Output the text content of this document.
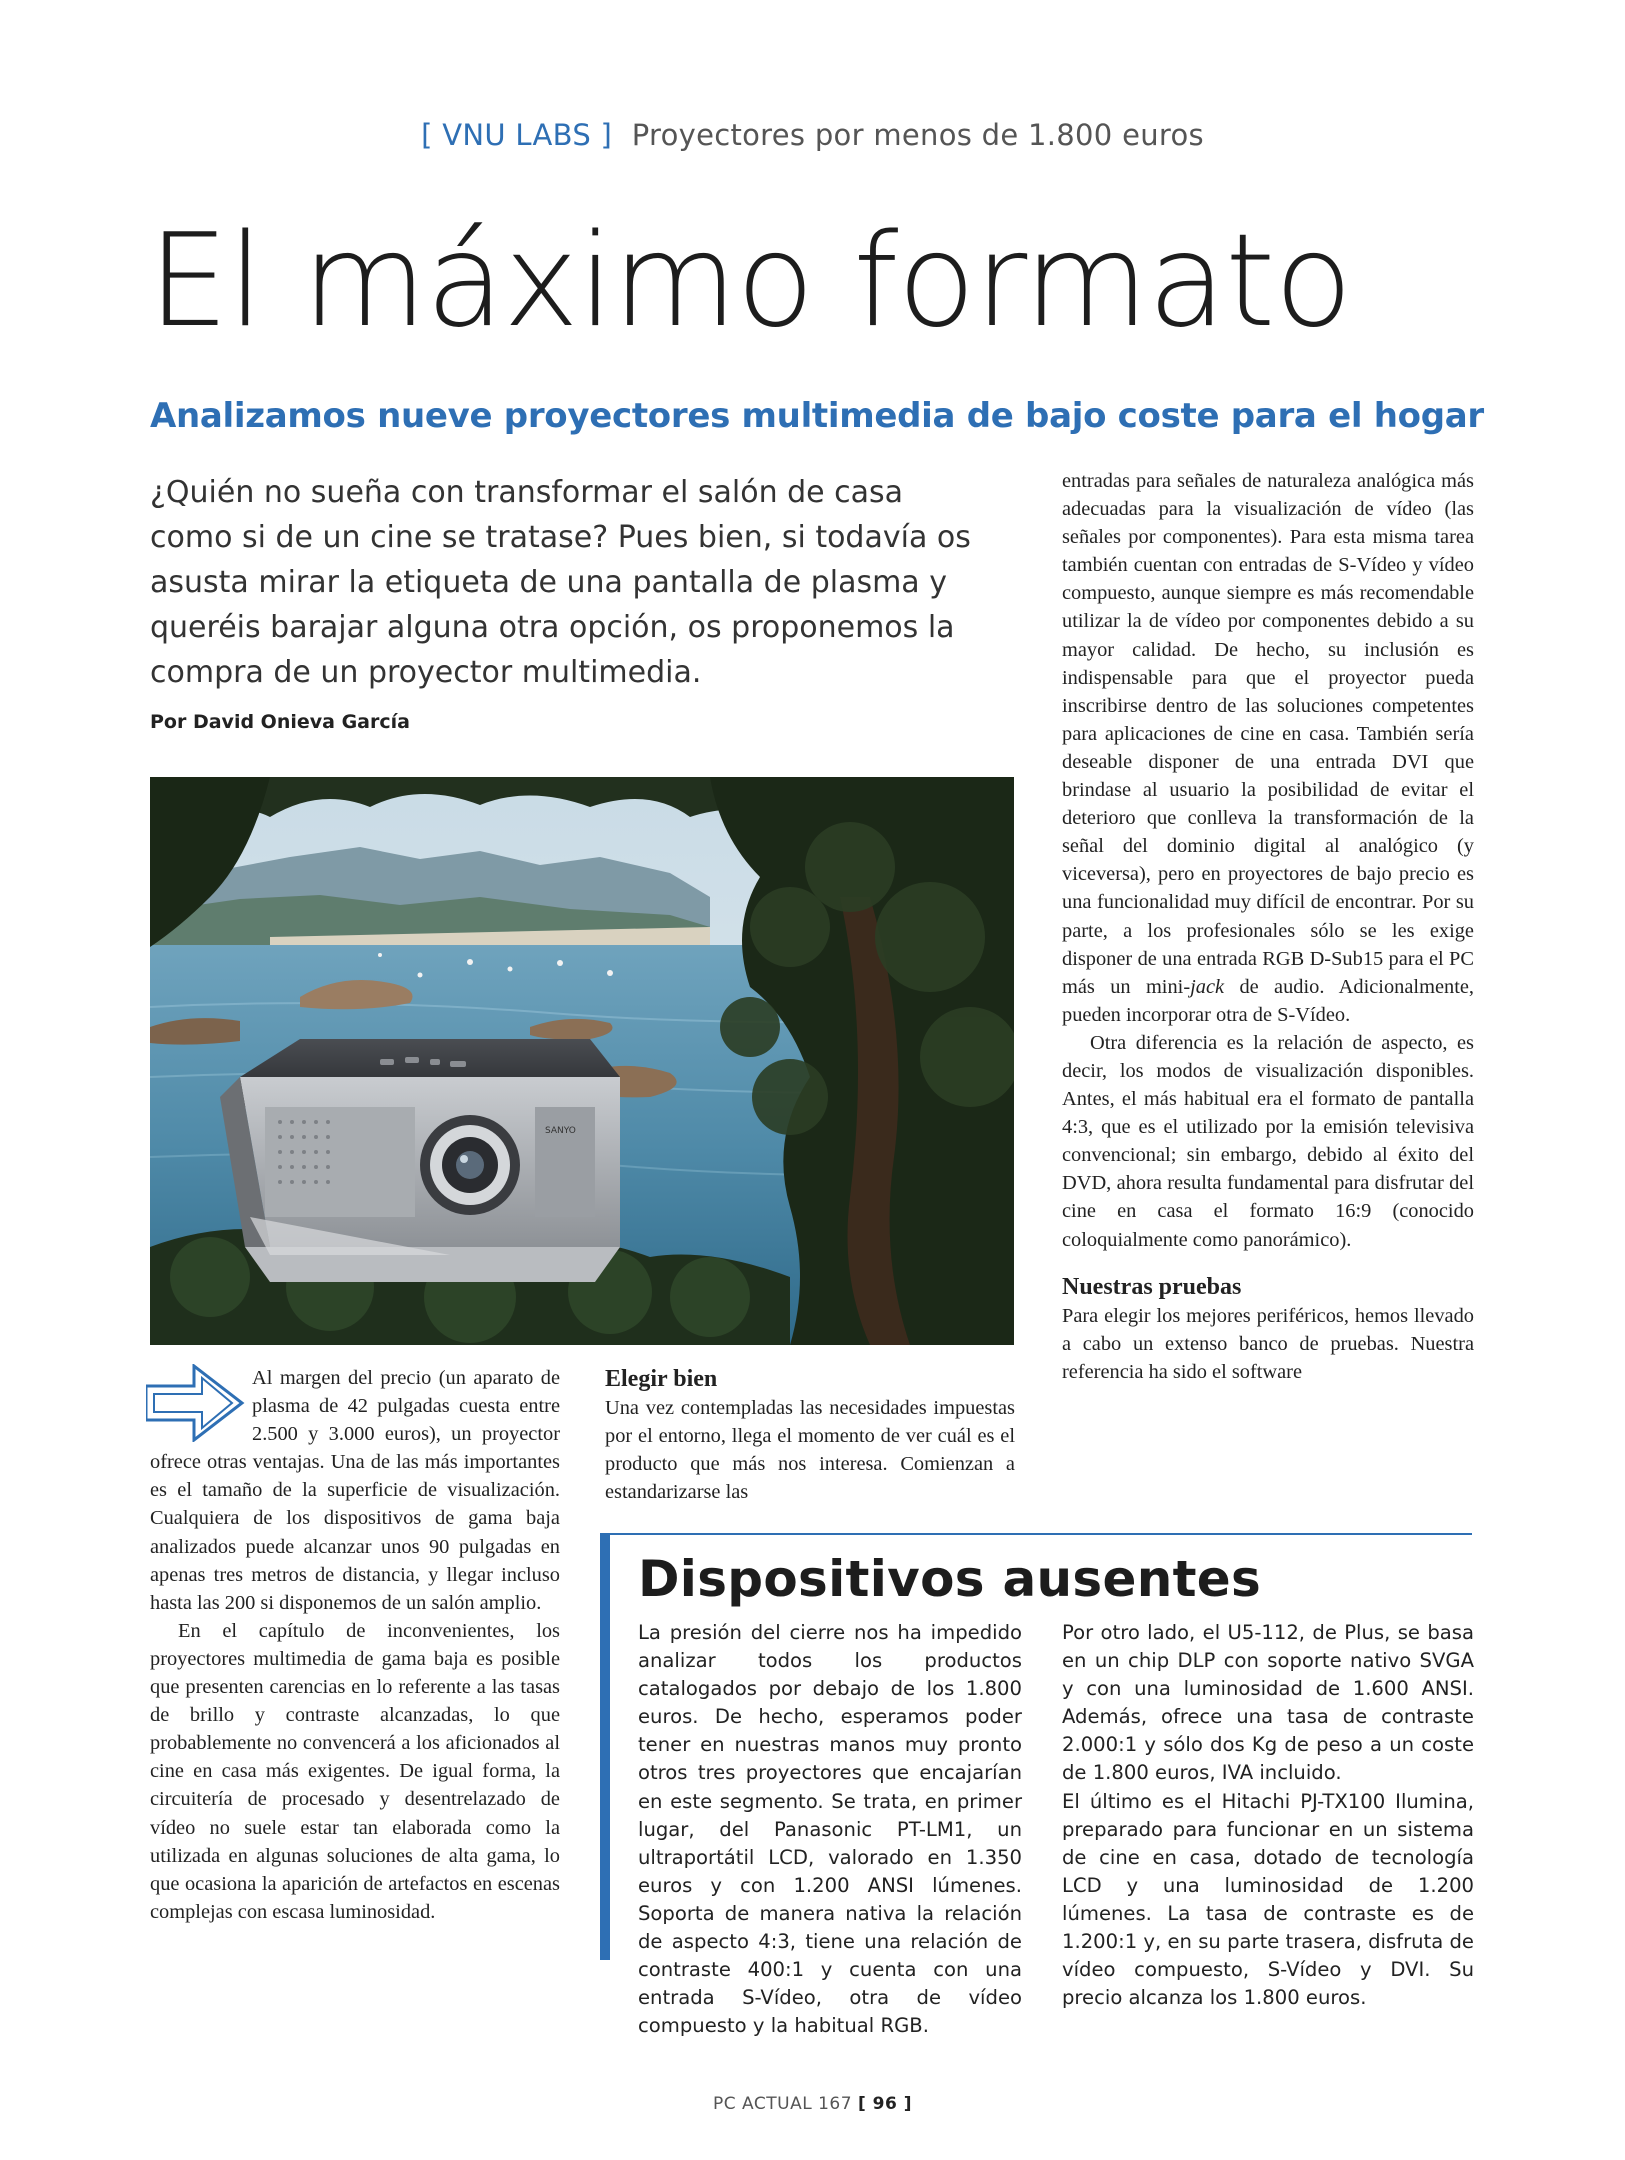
[ VNU LABS ] Proyectores por menos de 1.800 euros
El máximo formato
Analizamos nueve proyectores multimedia de bajo coste para el hogar
¿Quién no sueña con transformar el salón de casa como si de un cine se tratase? Pues bien, si todavía os asusta mirar la etiqueta de una pantalla de plasma y queréis barajar alguna otra opción, os proponemos la compra de un proyector multimedia.
Por David Onieva García
SANYO

entradas para señales de naturaleza analógica más adecuadas para la visualización de vídeo (las señales por componentes). Para esta misma tarea también cuentan con entradas de S-Vídeo y vídeo compuesto, aunque siempre es más recomendable utilizar la de vídeo por componentes debido a su mayor calidad. De hecho, su inclusión es indispensable para que el proyector pueda inscribirse dentro de las soluciones competentes para aplicaciones de cine en casa. También sería deseable disponer de una entrada DVI que brindase al usuario la posibilidad de evitar el deterioro que conlleva la transformación de la señal del dominio digital al analógico (y viceversa), pero en proyectores de bajo precio es una funcionalidad muy difícil de encontrar. Por su parte, a los profesionales sólo se les exige disponer de una entrada RGB D-Sub15 para el PC más un mini-jack de audio. Adicionalmente, pueden incorporar otra de S-Vídeo.

Otra diferencia es la relación de aspecto, es decir, los modos de visualización disponibles. Antes, el más habitual era el formato de pantalla 4:3, que es el utilizado por la emisión televisiva convencional; sin embargo, debido al éxito del DVD, ahora resulta fundamental para disfrutar del cine en casa el formato 16:9 (conocido coloquialmente como panorámico).

Nuestras pruebas

Para elegir los mejores periféricos, hemos llevado a cabo un extenso banco de pruebas. Nuestra referencia ha sido el software

Al margen del precio (un aparato de plasma de 42 pulgadas cuesta entre 2.500 y 3.000 euros), un proyector ofrece otras ventajas. Una de las más importantes es el tamaño de la superficie de visualización. Cualquiera de los dispositivos de gama baja analizados puede alcanzar unos 90 pulgadas en apenas tres metros de distancia, y llegar incluso hasta las 200 si disponemos de un salón amplio.

En el capítulo de inconvenientes, los proyectores multimedia de gama baja es posible que presenten carencias en lo referente a las tasas de brillo y contraste alcanzadas, lo que probablemente no convencerá a los aficionados al cine en casa más exigentes. De igual forma, la circuitería de procesado y desentrelazado de vídeo no suele estar tan elaborada como la utilizada en algunas soluciones de alta gama, lo que ocasiona la aparición de artefactos en escenas complejas con escasa luminosidad.

Elegir bien

Una vez contempladas las necesidades impuestas por el entorno, llega el momento de ver cuál es el producto que más nos interesa. Comienzan a estandarizarse las

Dispositivos ausentes
La presión del cierre nos ha impedido analizar todos los productos catalogados por debajo de los 1.800 euros. De hecho, esperamos poder tener en nuestras manos muy pronto otros tres proyectores que encajarían en este segmento. Se trata, en primer lugar, del Panasonic PT-LM1, un ultraportátil LCD, valorado en 1.350 euros y con 1.200 ANSI lúmenes. Soporta de manera nativa la relación de aspecto 4:3, tiene una relación de contraste 400:1 y cuenta con una entrada S-Vídeo, otra de vídeo compuesto y la habitual RGB.

Por otro lado, el U5-112, de Plus, se basa en un chip DLP con soporte nativo SVGA y con una luminosidad de 1.600 ANSI. Además, ofrece una tasa de contraste 2.000:1 y sólo dos Kg de peso a un coste de 1.800 euros, IVA incluido.

El último es el Hitachi PJ-TX100 Ilumina, preparado para funcionar en un sistema de cine en casa, dotado de tecnología LCD y una luminosidad de 1.200 lúmenes. La tasa de contraste es de 1.200:1 y, en su parte trasera, disfruta de vídeo compuesto, S-Vídeo y DVI. Su precio alcanza los 1.800 euros.

PC ACTUAL 167 [ 96 ]
